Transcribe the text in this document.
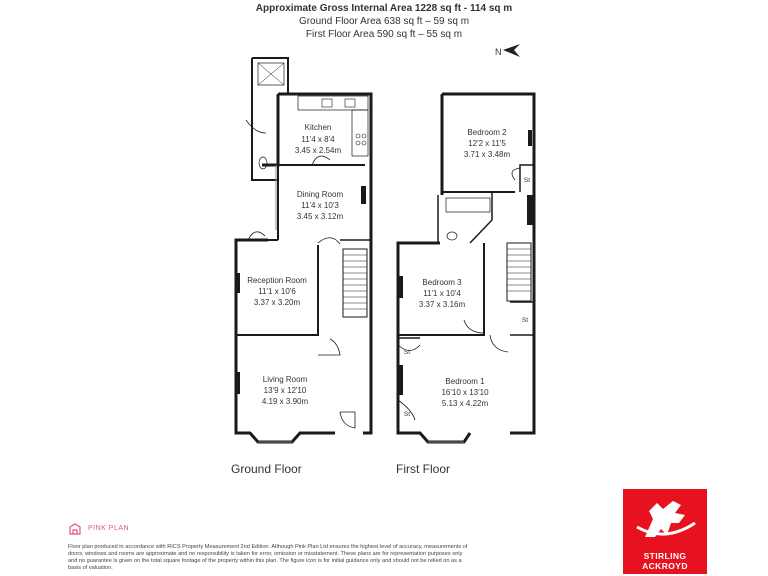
Approximate Gross Internal Area 1228 sq ft - 114 sq m
Ground Floor Area 638 sq ft – 59 sq m
First Floor Area 590 sq ft – 55 sq m
N
Kitchen
11'4 x 8'4
3.45 x 2.54m
Dining Room
11'4 x 10'3
3.45 x 3.12m
Reception Room
11'1 x 10'6
3.37 x 3.20m
Living Room
13'9 x 12'10
4.19 x 3.90m
Bedroom 2
12'2 x 11'5
3.71 x 3.48m
Bedroom 3
11'1 x 10'4
3.37 x 3.16m
Bedroom 1
16'10 x 13'10
5.13 x 4.22m
St
St
St
St
Ground Floor	First Floor
PINK PLAN
Floor plan produced in accordance with RICS Property Measurement 2nd Edition. Although Pink Plan Ltd ensures the highest level of accuracy, measurements of doors, windows and rooms are approximate and no responsibility is taken for error, omission or misstatement. These plans are for representation purposes only and no guarantee is given on the total square footage of the property within this plan. The figure icon is for initial guidance only and should not be relied on as a basis of valuation.
STIRLING
ACKROYD
